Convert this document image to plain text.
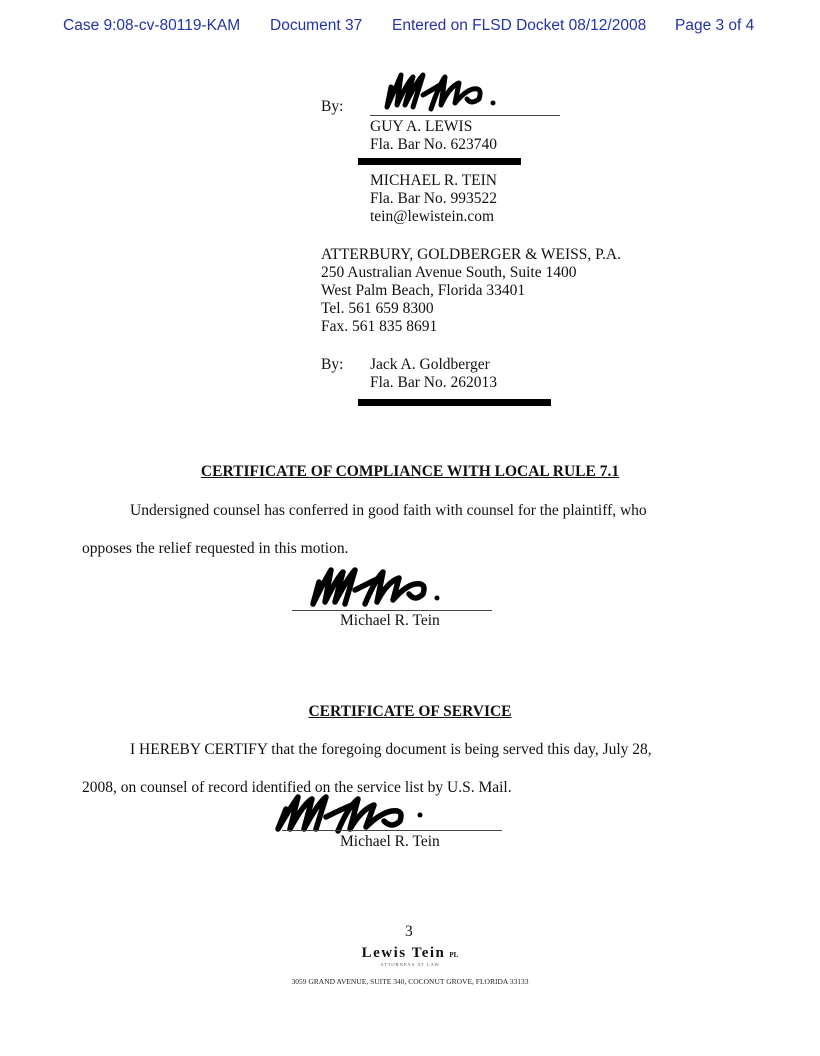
Case 9:08-cv-80119-KAM Document 37 Entered on FLSD Docket 08/12/2008 Page 3 of 4
By:
GUY A. LEWIS
Fla. Bar No. 623740
MICHAEL R. TEIN
Fla. Bar No. 993522
tein@lewistein.com
ATTERBURY, GOLDBERGER & WEISS, P.A.
250 Australian Avenue South, Suite 1400
West Palm Beach, Florida 33401
Tel. 561 659 8300
Fax. 561 835 8691
By: Jack A. Goldberger
Fla. Bar No. 262013
CERTIFICATE OF COMPLIANCE WITH LOCAL RULE 7.1
Undersigned counsel has conferred in good faith with counsel for the plaintiff, who
opposes the relief requested in this motion.
Michael R. Tein
CERTIFICATE OF SERVICE
I HEREBY CERTIFY that the foregoing document is being served this day, July 28,
2008, on counsel of record identified on the service list by U.S. Mail.
Michael R. Tein
3
Lewis Tein PL
ATTORNEYS AT LAW
3059 GRAND AVENUE, SUITE 340, COCONUT GROVE, FLORIDA 33133
